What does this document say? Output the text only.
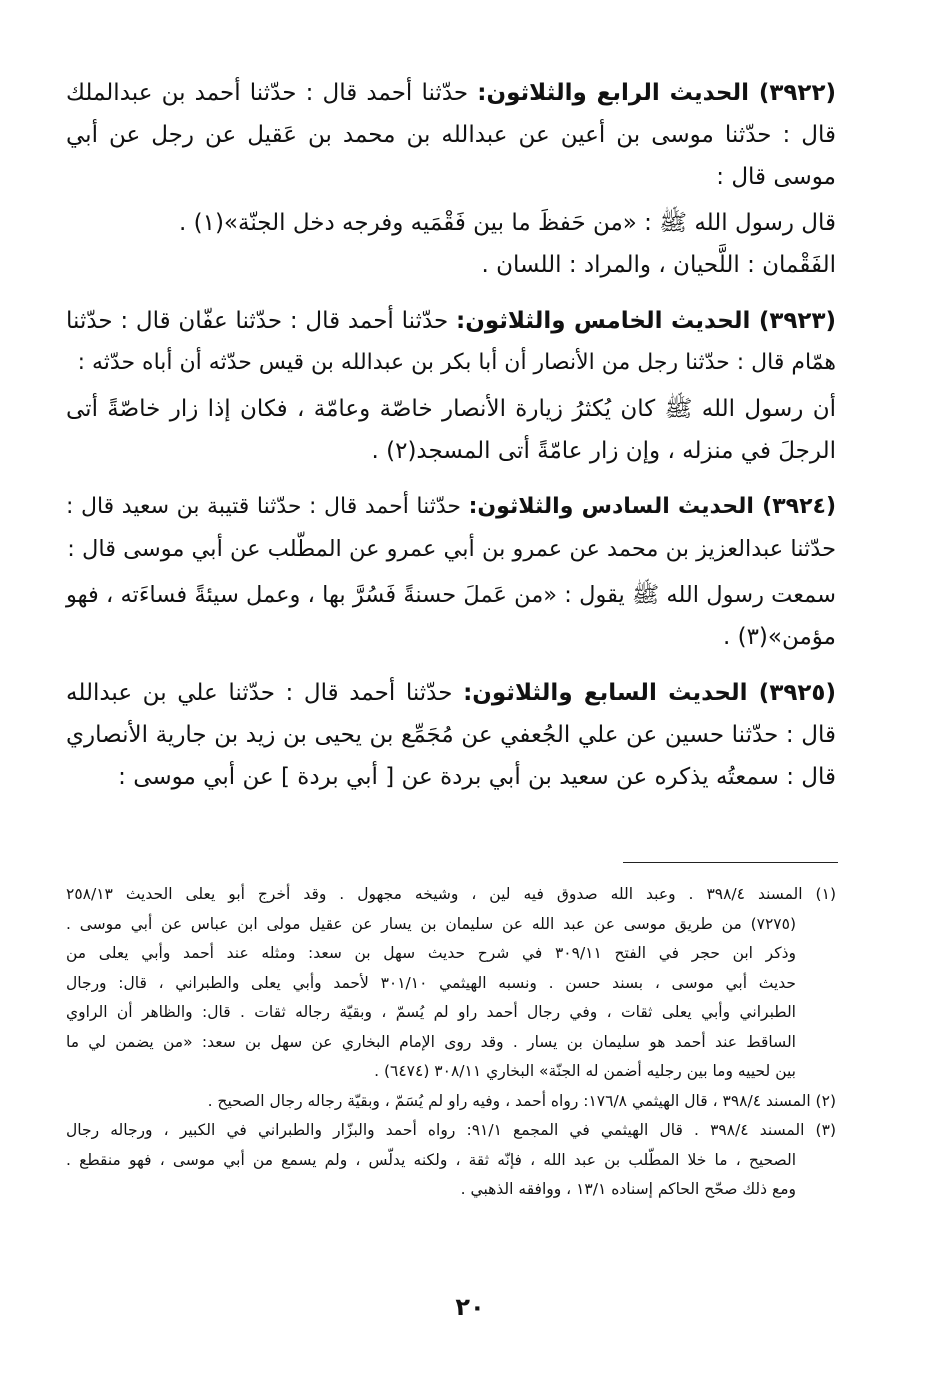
(٣٩٢٢) الحديث الرابع والثلاثون: حدّثنا أحمد قال : حدّثنا أحمد بن عبدالملك
قال : حدّثنا موسى بن أعين عن عبدالله بن محمد بن عَقيل عن رجل عن أبي
موسى قال :
قال رسول الله ﷺ : «من حَفظَ ما بين فَقْمَيه وفرجه دخل الجنّة»(١) .
الفَقْمان : اللَّحيان ، والمراد : اللسان .
(٣٩٢٣) الحديث الخامس والثلاثون: حدّثنا أحمد قال : حدّثنا عفّان قال : حدّثنا
همّام قال : حدّثنا رجل من الأنصار أن أبا بكر بن عبدالله بن قيس حدّثه أن أباه حدّثه :
أن رسول الله ﷺ كان يُكثرُ زيارة الأنصار خاصّة وعامّة ، فكان إذا زار خاصّةً أتى
الرجلَ في منزله ، وإن زار عامّةً أتى المسجد(٢) .
(٣٩٢٤) الحديث السادس والثلاثون: حدّثنا أحمد قال : حدّثنا قتيبة بن سعيد قال :
حدّثنا عبدالعزيز بن محمد عن عمرو بن أبي عمرو عن المطّلب عن أبي موسى قال :
سمعت رسول الله ﷺ يقول : «من عَملَ حسنةً فَسُرَّ بها ، وعمل سيئةً فساءَته ، فهو
مؤمن»(٣) .
(٣٩٢٥) الحديث السابع والثلاثون: حدّثنا أحمد قال : حدّثنا علي بن عبدالله
قال : حدّثنا حسين عن علي الجُعفي عن مُجَمِّع بن يحيى بن زيد بن جارية الأنصاري
قال : سمعتُه يذكره عن سعيد بن أبي بردة عن [ أبي بردة ] عن أبي موسى :
(١) المسند ٣٩٨/٤ . وعبد الله صدوق فيه لين ، وشيخه مجهول . وقد أخرج أبو يعلى الحديث ٢٥٨/١٣
(٧٢٧٥) من طريق موسى عن عبد الله عن سليمان بن يسار عن عقيل مولى ابن عباس عن أبي موسى .
وذكر ابن حجر في الفتح ٣٠٩/١١ في شرح حديث سهل بن سعد: ومثله عند أحمد وأبي يعلى من
حديث أبي موسى ، بسند حسن . ونسبه الهيثمي ٣٠١/١٠ لأحمد وأبي يعلى والطبراني ، قال: ورجال
الطبراني وأبي يعلى ثقات ، وفي رجال أحمد راو لم يُسمّ ، وبقيّة رجاله ثقات . قال: والظاهر أن الراوي
الساقط عند أحمد هو سليمان بن يسار . وقد روى الإمام البخاري عن سهل بن سعد: «من يضمن لي ما
بين لحييه وما بين رجليه أضمن له الجنّة» البخاري ٣٠٨/١١ (٦٤٧٤) .
(٢) المسند ٣٩٨/٤ ، قال الهيثمي ١٧٦/٨: رواه أحمد ، وفيه راو لم يُسَمّ ، وبقيّة رجاله رجال الصحيح .
(٣) المسند ٣٩٨/٤ . قال الهيثمي في المجمع ٩١/١: رواه أحمد والبزّار والطبراني في الكبير ، ورجاله رجال
الصحيح ، ما خلا المطّلب بن عبد الله ، فإنّه ثقة ، ولكنه يدلّس ، ولم يسمع من أبي موسى ، فهو منقطع .
ومع ذلك صحّح الحاكم إسناده ١٣/١ ، ووافقه الذهبي .
٢٠
